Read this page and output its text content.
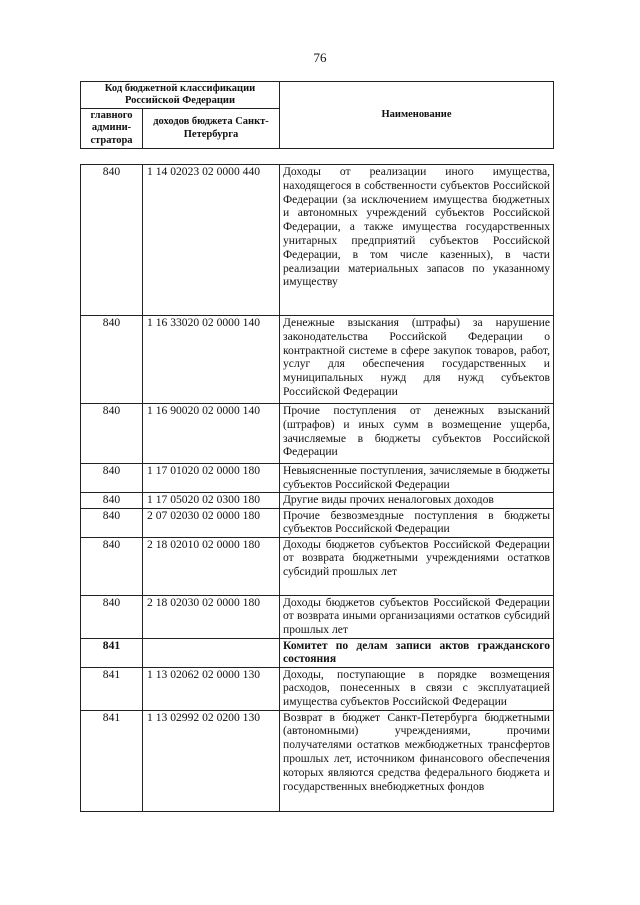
76
Код бюджетной классификации Российской Федерации		Наименование
главного админи-стратора	доходов бюджета Санкт-Петербурга	
840	1 14 02023 02 0000 440	Доходы от реализации иного имущества, находящегося в собственности субъектов Российской Федерации (за исключением имущества бюджетных и автономных учреждений субъектов Российской Федерации, а также имущества государственных унитарных предприятий субъектов Российской Федерации, в том числе казенных), в части реализации материальных запасов по указанному имуществу
840	1 16 33020 02 0000 140	Денежные взыскания (штрафы) за нарушение законодательства Российской Федерации о контрактной системе в сфере закупок товаров, работ, услуг для обеспечения государственных и муниципальных нужд для нужд субъектов Российской Федерации
840	1 16 90020 02 0000 140	Прочие поступления от денежных взысканий (штрафов) и иных сумм в возмещение ущерба, зачисляемые в бюджеты субъектов Российской Федерации
840	1 17 01020 02 0000 180	Невыясненные поступления, зачисляемые в бюджеты субъектов Российской Федерации
840	1 17 05020 02 0300 180	Другие виды прочих неналоговых доходов
840	2 07 02030 02 0000 180	Прочие безвозмездные поступления в бюджеты субъектов Российской Федерации
840	2 18 02010 02 0000 180	Доходы бюджетов субъектов Российской Федерации от возврата бюджетными учреждениями остатков субсидий прошлых лет
840	2 18 02030 02 0000 180	Доходы бюджетов субъектов Российской Федерации от возврата иными организациями остатков субсидий прошлых лет
841		Комитет по делам записи актов гражданского состояния
841	1 13 02062 02 0000 130	Доходы, поступающие в порядке возмещения расходов, понесенных в связи с эксплуатацией имущества субъектов Российской Федерации
841	1 13 02992 02 0200 130	Возврат в бюджет Санкт-Петербурга бюджетными (автономными) учреждениями, прочими получателями остатков межбюджетных трансфертов прошлых лет, источником финансового обеспечения которых являются средства федерального бюджета и государственных внебюджетных фондов
